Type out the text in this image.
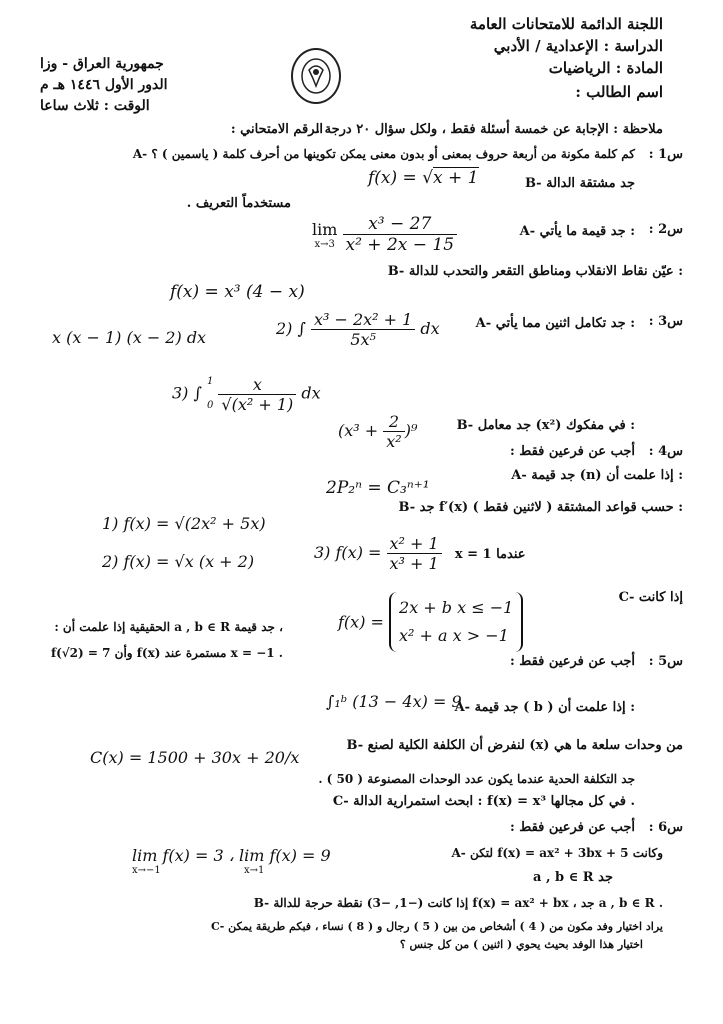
اللجنة الدائمة للامتحانات العامة
الدراسة : الإعدادية / الأدبي
المادة : الرياضيات
اسم الطالب :
جمهورية العراق - وزا
الدور الأول ١٤٤٦ هـ م
الوقت : ثلاث ساعا
الرقم الامتحاني :
ملاحظة : الإجابة عن خمسة أسئلة فقط ، ولكل سؤال ٢٠ درجة .
س1 :
A- كم كلمة مكونة من أربعة حروف بمعنى أو بدون معنى يمكن تكوينها من أحرف كلمة ( ياسمين ) ؟
B- جد مشتقة الدالة
f(x) = √x + 1
مستخدماً التعريف .
س2 :
A- جد قيمة ما يأتي :
lim
x→3
$\frac{\text{x³ − 27}}{\text{x² + 2x − 15}}$
B- عيّن نقاط الانقلاب ومناطق التقعر والتحدب للدالة :
f(x) = x³ (4 − x)
س3 :
A- جد تكامل اثنين مما يأتي :
2) ∫ $\frac{\text{x³ − 2x² + 1}}{\text{5x⁵}}$ dx
x (x − 1) (x − 2) dx
3) ∫
1
0
$\frac{x}{\text{√(x² + 1)}}$ dx
B- جد معامل (x²) في مفكوك :
$(x^3 + \frac{2}{\text{x²}} )^9$
س4 :
أجب عن فرعين فقط :
A- جد قيمة (n) إذا علمت أن :
2P₂ⁿ = C₃ⁿ⁺¹
B- جد f′(x) حسب قواعد المشتقة ( لاثنين فقط ) :
1) f(x) = √(2x² + 5x)
2) f(x) = √x (x + 2)	3) $f(x) = \frac{\text{x² + 1}}{\text{x³ + 1}}$ عندما x = 1
C- إذا كانت
f(x) =
2x + b x ≤ −1
x² + a x > −1
، جد قيمة a , b ∈ R الحقيقية إذا علمت أن :
f(√2) = 7 وأن f(x) مستمرة عند x = −1 .
س5 :
أجب عن فرعين فقط :
A- جد قيمة ( b ) إذا علمت أن :
∫₁ᵇ (13 − 4x) = 9
B- لنفرض أن الكلفة الكلية لصنع (x) من وحدات سلعة ما هي
C(x) = 1500 + 30x + 20/x
جد التكلفة الحدية عندما يكون عدد الوحدات المصنوعة ( 50 ) .
C- ابحث استمرارية الدالة : f(x) = x³ في كل مجالها .
س6 :
أجب عن فرعين فقط :
A- لتكن f(x) = ax² + 3bx + 5 وكانت
lim f(x) = 3 ، lim f(x) = 9
x→−1	x→1	جد a , b ∈ R
B- إذا كانت (−1, −3) نقطة حرجة للدالة f(x) = ax² + bx ، جد a , b ∈ R .
C- يراد اختيار وفد مكون من ( 4 ) أشخاص من بين ( 5 ) رجال و ( 8 ) نساء ، فبكم طريقة يمكن
اختيار هذا الوفد بحيث يحوي ( اثنين ) من كل جنس ؟
